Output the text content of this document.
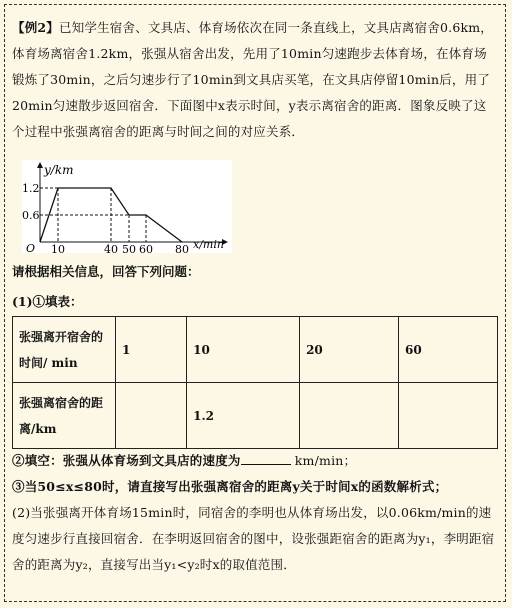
【例2】已知学生宿舍、文具店、体育场依次在同一条直线上，文具店离宿舍0.6km，体育场离宿舍1.2km，张强从宿舍出发，先用了10min匀速跑步去体育场，在体育场锻炼了30min，之后匀速步行了10min到文具店买笔，在文具店停留10min后，用了20min匀速散步返回宿舍．下面图中x表示时间，y表示离宿舍的距离．图象反映了这个过程中张强离宿舍的距离与时间之间的对应关系．
y/km
x/min
O
1.2
0.6
10	40 50 60 80
请根据相关信息，回答下列问题：
(1)①填表：
张强离开宿舍的时间/ min	1	10	20	60
张强离宿舍的距离/km		1.2		
②填空：张强从体育场到文具店的速度为	km/min；
③当50≤x≤80时，请直接写出张强离宿舍的距离y关于时间x的函数解析式；
(2)当张强离开体育场15min时，同宿舍的李明也从体育场出发，以0.06km/min的速度匀速步行直接回宿舍．在李明返回宿舍的图中，设张强距宿舍的距离为y₁，李明距宿舍的距离为y₂，直接写出当y₁<y₂时x的取值范围．
